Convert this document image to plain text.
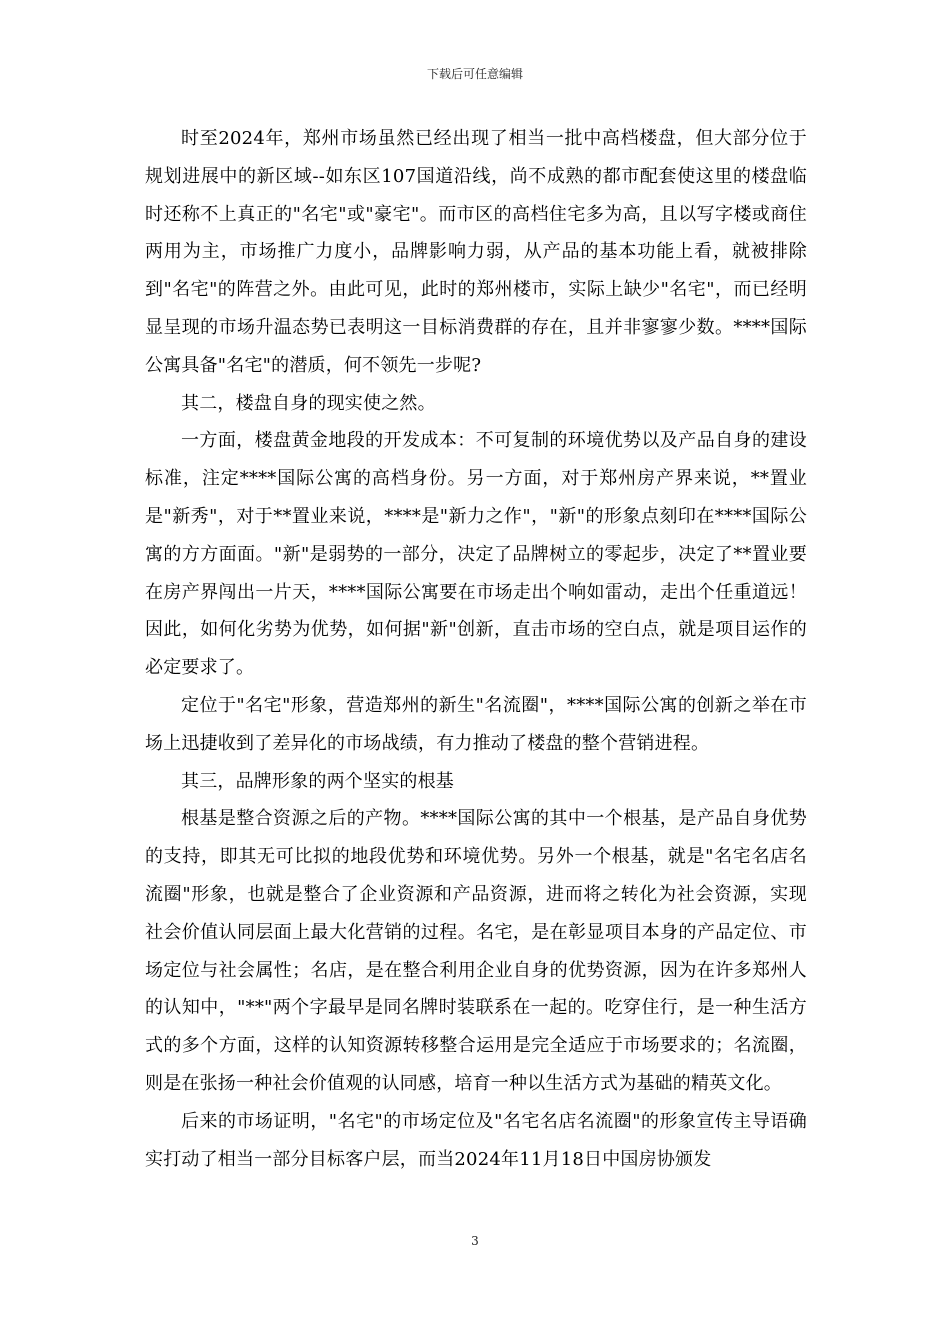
下载后可任意编辑

时至2024年，郑州市场虽然已经出现了相当一批中高档楼盘，但大部分位于规划进展中的新区域--如东区107国道沿线，尚不成熟的都市配套使这里的楼盘临时还称不上真正的"名宅"或"豪宅"。而市区的高档住宅多为高，且以写字楼或商住两用为主，市场推广力度小，品牌影响力弱，从产品的基本功能上看，就被排除到"名宅"的阵营之外。由此可见，此时的郑州楼市，实际上缺少"名宅"，而已经明显呈现的市场升温态势已表明这一目标消费群的存在，且并非寥寥少数。****国际公寓具备"名宅"的潜质，何不领先一步呢?

其二，楼盘自身的现实使之然。

一方面，楼盘黄金地段的开发成本：不可复制的环境优势以及产品自身的建设标准，注定****国际公寓的高档身份。另一方面，对于郑州房产界来说，**置业是"新秀"，对于**置业来说，****是"新力之作"，"新"的形象点刻印在****国际公寓的方方面面。"新"是弱势的一部分，决定了品牌树立的零起步，决定了**置业要在房产界闯出一片天，****国际公寓要在市场走出个响如雷动，走出个任重道远！因此，如何化劣势为优势，如何据"新"创新，直击市场的空白点，就是项目运作的必定要求了。

定位于"名宅"形象，营造郑州的新生"名流圈"，****国际公寓的创新之举在市场上迅捷收到了差异化的市场战绩，有力推动了楼盘的整个营销进程。

其三，品牌形象的两个坚实的根基

根基是整合资源之后的产物。****国际公寓的其中一个根基，是产品自身优势的支持，即其无可比拟的地段优势和环境优势。另外一个根基，就是"名宅名店名流圈"形象，也就是整合了企业资源和产品资源，进而将之转化为社会资源，实现社会价值认同层面上最大化营销的过程。名宅，是在彰显项目本身的产品定位、市场定位与社会属性；名店，是在整合利用企业自身的优势资源，因为在许多郑州人的认知中，"**"两个字最早是同名牌时装联系在一起的。吃穿住行，是一种生活方式的多个方面，这样的认知资源转移整合运用是完全适应于市场要求的；名流圈，则是在张扬一种社会价值观的认同感，培育一种以生活方式为基础的精英文化。

后来的市场证明，"名宅"的市场定位及"名宅名店名流圈"的形象宣传主导语确实打动了相当一部分目标客户层，而当2024年11月18日中国房协颁发

3
